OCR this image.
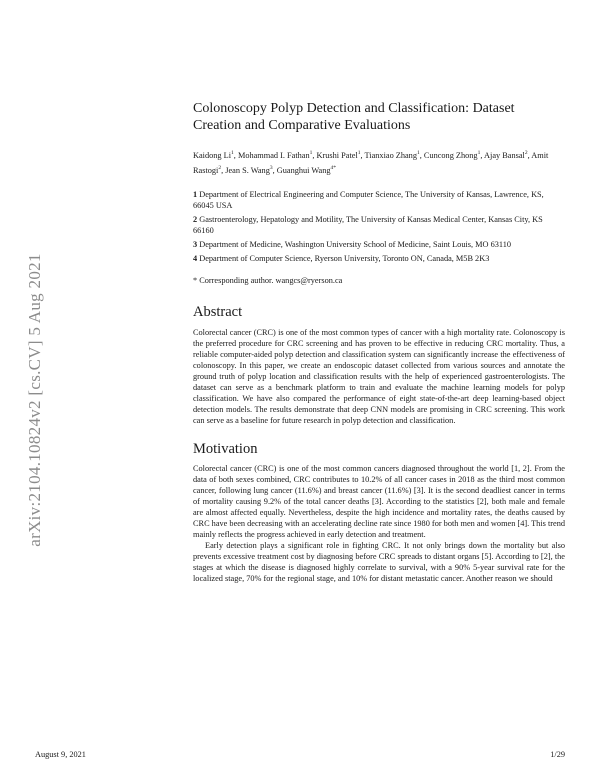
arXiv:2104.10824v2 [cs.CV] 5 Aug 2021
Colonoscopy Polyp Detection and Classification: Dataset Creation and Comparative Evaluations
Kaidong Li$^1$, Mohammad I. Fathan$^1$, Krushi Patel$^1$, Tianxiao Zhang$^1$, Cuncong Zhong$^1$, Ajay Bansal$^2$, Amit Rastogi$^2$, Jean S. Wang$^3$, Guanghui Wang$^{4*}$
1 Department of Electrical Engineering and Computer Science, The University of Kansas, Lawrence, KS, 66045 USA
2 Gastroenterology, Hepatology and Motility, The University of Kansas Medical Center, Kansas City, KS 66160
3 Department of Medicine, Washington University School of Medicine, Saint Louis, MO 63110
4 Department of Computer Science, Ryerson University, Toronto ON, Canada, M5B 2K3
* Corresponding author. wangcs@ryerson.ca
Abstract

Colorectal cancer (CRC) is one of the most common types of cancer with a high mortality rate. Colonoscopy is the preferred procedure for CRC screening and has proven to be effective in reducing CRC mortality. Thus, a reliable computer-aided polyp detection and classification system can significantly increase the effectiveness of colonoscopy. In this paper, we create an endoscopic dataset collected from various sources and annotate the ground truth of polyp location and classification results with the help of experienced gastroenterologists. The dataset can serve as a benchmark platform to train and evaluate the machine learning models for polyp classification. We have also compared the performance of eight state-of-the-art deep learning-based object detection models. The results demonstrate that deep CNN models are promising in CRC screening. This work can serve as a baseline for future research in polyp detection and classification.

Motivation

Colorectal cancer (CRC) is one of the most common cancers diagnosed throughout the world [1, 2]. From the data of both sexes combined, CRC contributes to 10.2% of all cancer cases in 2018 as the third most common cancer, following lung cancer (11.6%) and breast cancer (11.6%) [3]. It is the second deadliest cancer in terms of mortality causing 9.2% of the total cancer deaths [3]. According to the statistics [2], both male and female are almost affected equally. Nevertheless, despite the high incidence and mortality rates, the deaths caused by CRC have been decreasing with an accelerating decline rate since 1980 for both men and women [4]. This trend mainly reflects the progress achieved in early detection and treatment.

Early detection plays a significant role in fighting CRC. It not only brings down the mortality but also prevents excessive treatment cost by diagnosing before CRC spreads to distant organs [5]. According to [2], the stages at which the disease is diagnosed highly correlate to survival, with a 90% 5-year survival rate for the localized stage, 70% for the regional stage, and 10% for distant metastatic cancer. Another reason we should

August 9, 2021	1/29
